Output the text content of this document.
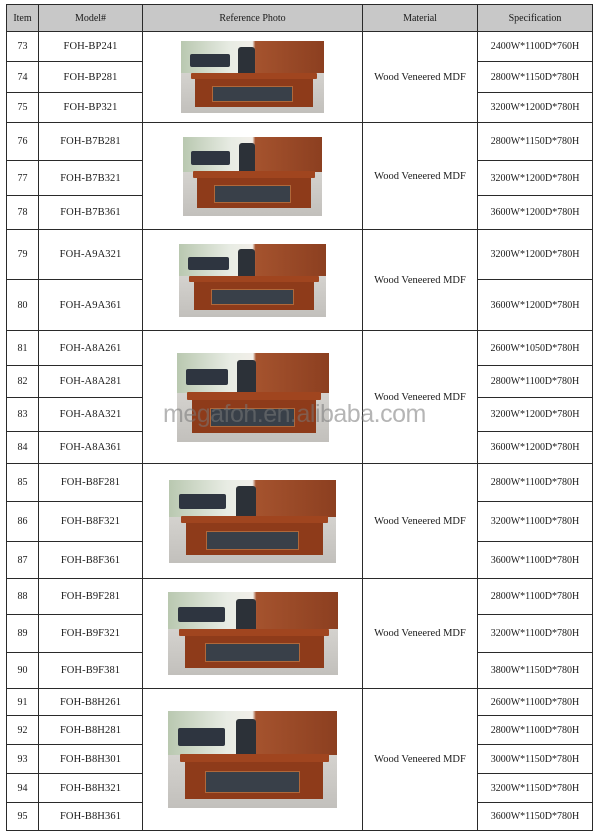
Item	Model#	Reference Photo	Material	Specification
73	FOH-BP241		Wood Veneered MDF	2400W*1100D*760H
74	FOH-BP281			2800W*1150D*780H
75	FOH-BP321			3200W*1200D*780H
76	FOH-B7B281		Wood Veneered MDF	2800W*1150D*780H
77	FOH-B7B321			3200W*1200D*780H
78	FOH-B7B361			3600W*1200D*780H
79	FOH-A9A321		Wood Veneered MDF	3200W*1200D*780H
80	FOH-A9A361			3600W*1200D*780H
81	FOH-A8A261		Wood Veneered MDF	2600W*1050D*780H
82	FOH-A8A281			2800W*1100D*780H
83	FOH-A8A321			3200W*1200D*780H
84	FOH-A8A361			3600W*1200D*780H
85	FOH-B8F281		Wood Veneered MDF	2800W*1100D*780H
86	FOH-B8F321			3200W*1100D*780H
87	FOH-B8F361			3600W*1100D*780H
88	FOH-B9F281		Wood Veneered MDF	2800W*1100D*780H
89	FOH-B9F321			3200W*1100D*780H
90	FOH-B9F381			3800W*1150D*780H
91	FOH-B8H261		Wood Veneered MDF	2600W*1100D*780H
92	FOH-B8H281			2800W*1100D*780H
93	FOH-B8H301			3000W*1150D*780H
94	FOH-B8H321			3200W*1150D*780H
95	FOH-B8H361			3600W*1150D*780H
megafoh.en.alibaba.com
